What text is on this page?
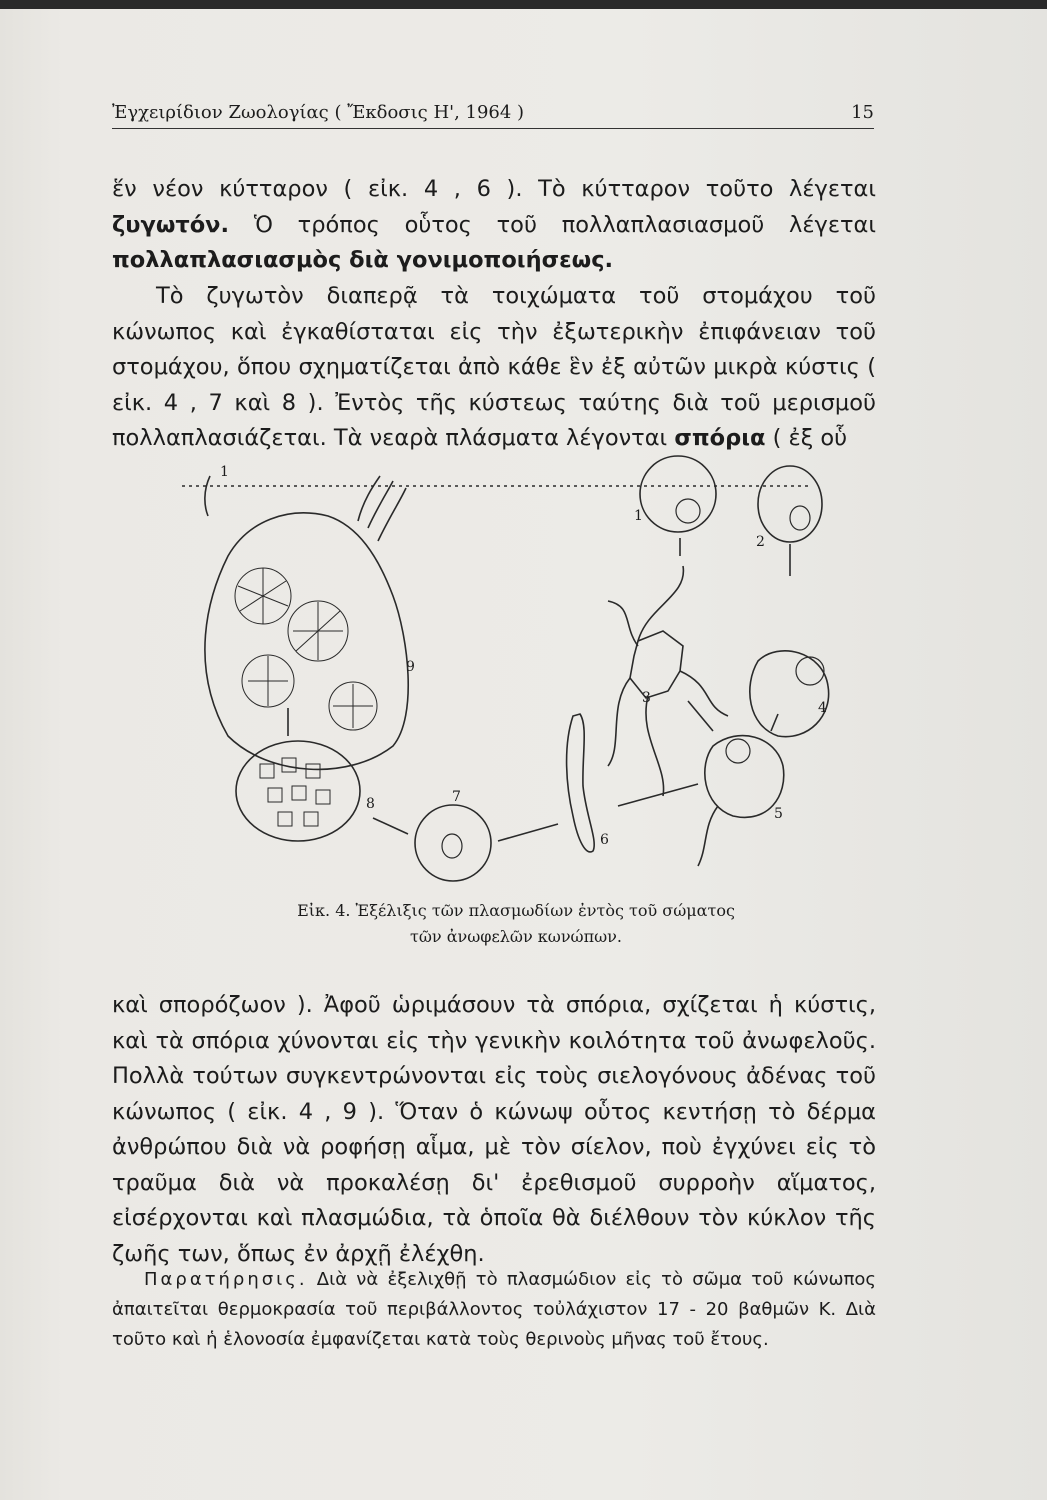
Ἐγχειρίδιον Ζωολογίας ( Ἔκδοσις Η', 1964 )	15

ἕν νέον κύτταρον ( εἰκ. 4 , 6 ). Τὸ κύτταρον τοῦτο λέγεται ζυγωτόν. Ὁ τρόπος οὗτος τοῦ πολλαπλασιασμοῦ λέγεται πολλαπλασιασμὸς διὰ γονιμοποιήσεως.

Τὸ ζυγωτὸν διαπερᾷ τὰ τοιχώματα τοῦ στομάχου τοῦ κώνωπος καὶ ἐγκαθίσταται εἰς τὴν ἐξωτερικὴν ἐπιφάνειαν τοῦ στομάχου, ὅπου σχηματίζεται ἀπὸ κάθε ἓν ἐξ αὐτῶν μικρὰ κύστις ( εἰκ. 4 , 7 καὶ 8 ). Ἐντὸς τῆς κύστεως ταύτης διὰ τοῦ μερισμοῦ πολλαπλασιάζεται. Τὰ νεαρὰ πλάσματα λέγονται σπόρια ( ἐξ οὗ

1
1
2
3
4
5
6
7
8
9
Εἰκ. 4. Ἐξέλιξις τῶν πλασμωδίων ἐντὸς τοῦ σώματος
τῶν ἀνωφελῶν κωνώπων.

καὶ σπορόζωον ). Ἀφοῦ ὡριμάσουν τὰ σπόρια, σχίζεται ἡ κύστις, καὶ τὰ σπόρια χύνονται εἰς τὴν γενικὴν κοιλότητα τοῦ ἀνωφελοῦς. Πολλὰ τούτων συγκεντρώνονται εἰς τοὺς σιελογόνους ἀδένας τοῦ κώνωπος ( εἰκ. 4 , 9 ). Ὅταν ὁ κώνωψ οὗτος κεντήσῃ τὸ δέρμα ἀνθρώπου διὰ νὰ ροφήσῃ αἷμα, μὲ τὸν σίελον, ποὺ ἐγχύνει εἰς τὸ τραῦμα διὰ νὰ προκαλέσῃ δι' ἐρεθισμοῦ συρροὴν αἵματος, εἰσέρχονται καὶ πλασμώδια, τὰ ὁποῖα θὰ διέλθουν τὸν κύκλον τῆς ζωῆς των, ὅπως ἐν ἀρχῇ ἐλέχθη.

Παρατήρησις. Διὰ νὰ ἐξελιχθῇ τὸ πλασμώδιον εἰς τὸ σῶμα τοῦ κώνωπος ἀπαιτεῖται θερμοκρασία τοῦ περιβάλλοντος τοὐλάχιστον 17 - 20 βαθμῶν Κ. Διὰ τοῦτο καὶ ἡ ἑλονοσία ἐμφανίζεται κατὰ τοὺς θερινοὺς μῆνας τοῦ ἔτους.
